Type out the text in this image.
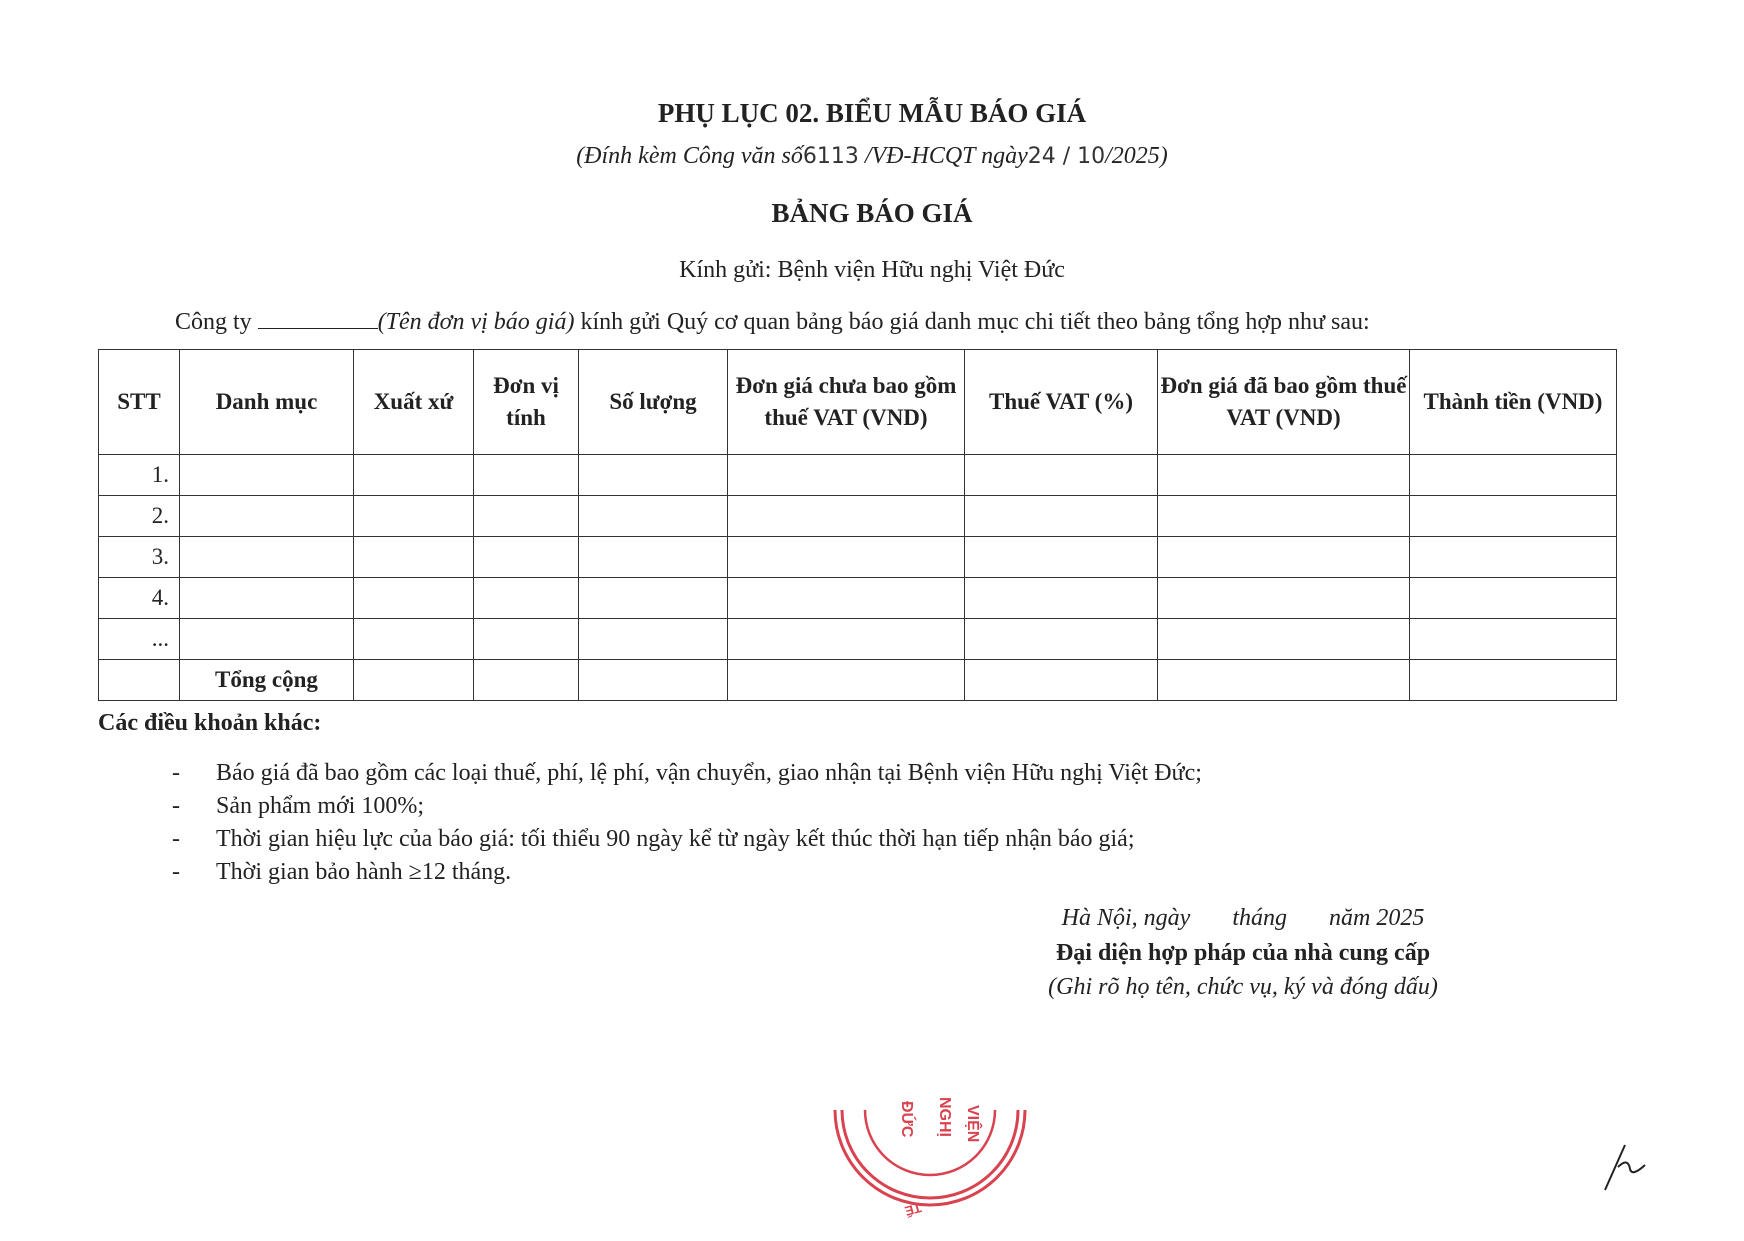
PHỤ LỤC 02. BIỂU MẪU BÁO GIÁ
(Đính kèm Công văn số6113 /VĐ-HCQT ngày24 / 10/2025)
BẢNG BÁO GIÁ
Kính gửi: Bệnh viện Hữu nghị Việt Đức
Công ty	(Tên đơn vị báo giá) kính gửi Quý cơ quan bảng báo giá danh mục chi tiết theo bảng tổng hợp như sau:
STT	Danh mục	Xuất xứ	Đơn vị tính	Số lượng	Đơn giá chưa bao gồm thuế VAT (VND)	Thuế VAT (%)	Đơn giá đã bao gồm thuế VAT (VND)	Thành tiền (VND)
1.								
2.								
3.								
4.								
...								
	Tổng cộng							
Các điều khoản khác:
- Báo giá đã bao gồm các loại thuế, phí, lệ phí, vận chuyển, giao nhận tại Bệnh viện Hữu nghị Việt Đức;
- Sản phẩm mới 100%;
- Thời gian hiệu lực của báo giá: tối thiểu 90 ngày kể từ ngày kết thúc thời hạn tiếp nhận báo giá;
- Thời gian bảo hành ≥12 tháng.
Hà Nội, ngày       tháng       năm 2025
Đại diện hợp pháp của nhà cung cấp
(Ghi rõ họ tên, chức vụ, ký và đóng dấu)
VIỆN
NGHỊ
ĐỨC
TẾ
